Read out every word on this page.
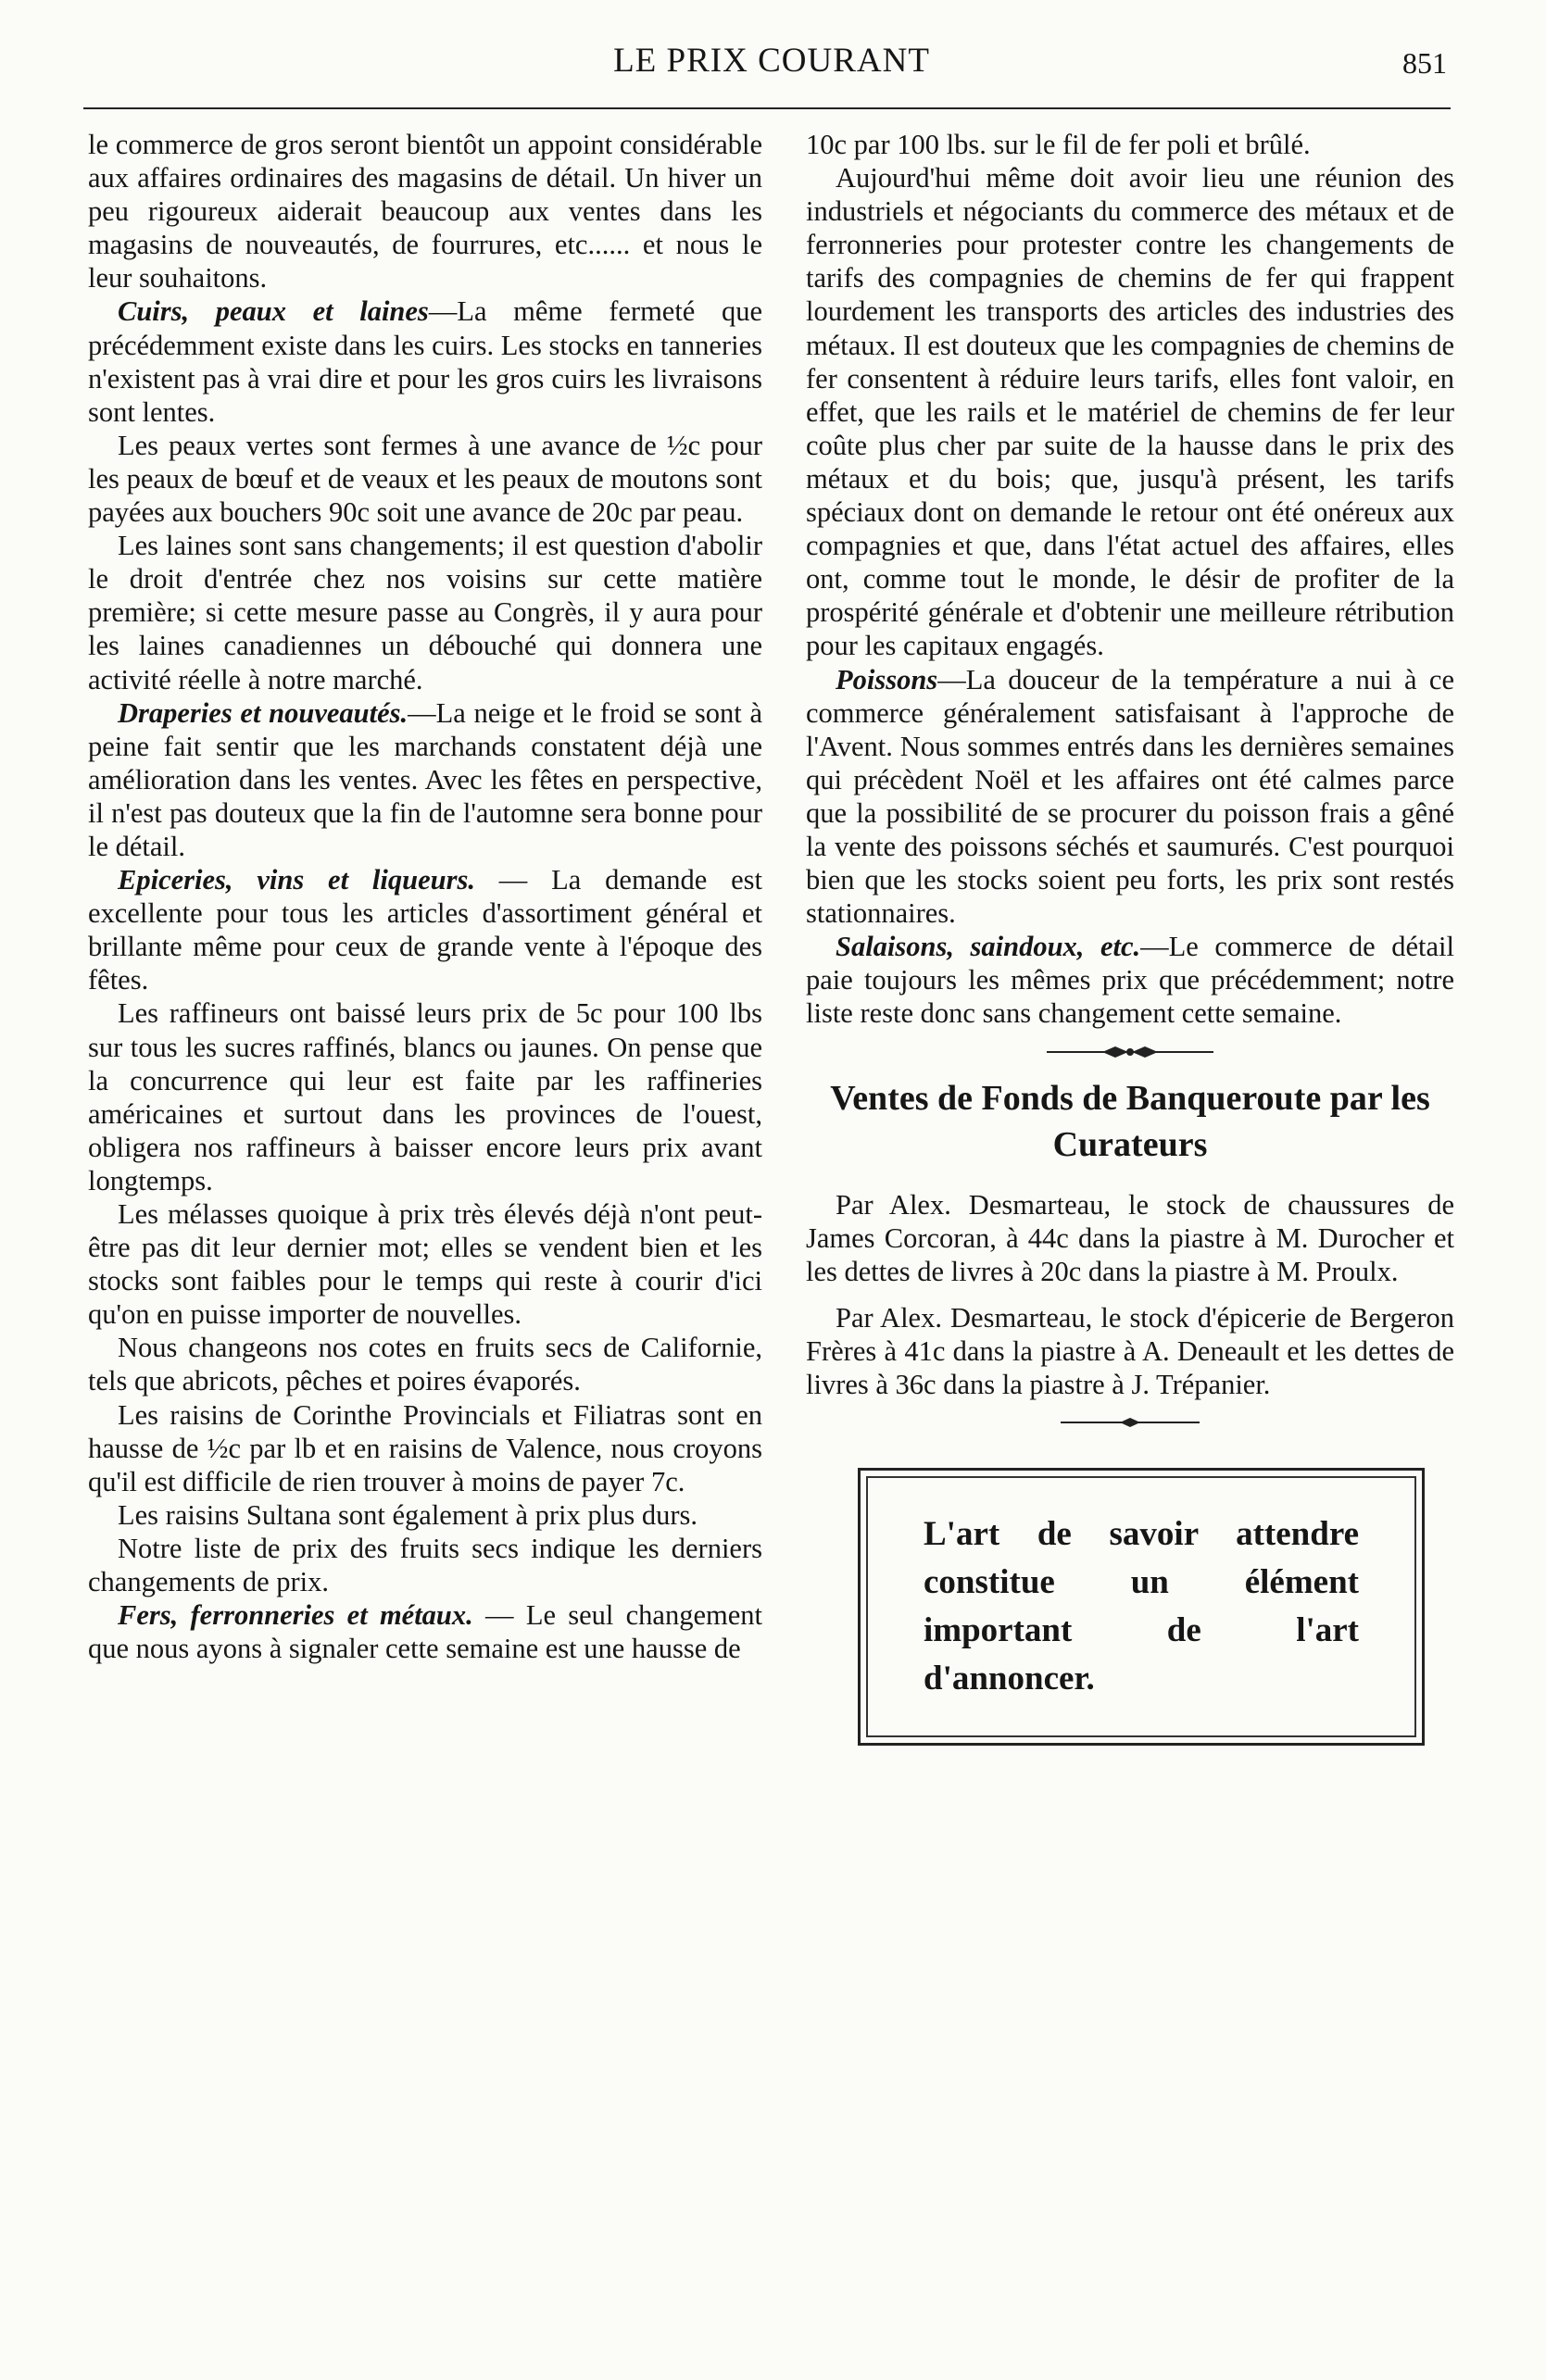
LE PRIX COURANT	851

le commerce de gros seront bientôt un appoint considérable aux affaires ordinaires des magasins de détail. Un hiver un peu rigoureux aiderait beaucoup aux ventes dans les magasins de nouveautés, de fourrures, etc...... et nous le leur souhaitons.

Cuirs, peaux et laines—La même fermeté que précédemment existe dans les cuirs. Les stocks en tanneries n'existent pas à vrai dire et pour les gros cuirs les livraisons sont lentes.

Les peaux vertes sont fermes à une avance de ½c pour les peaux de bœuf et de veaux et les peaux de moutons sont payées aux bouchers 90c soit une avance de 20c par peau.

Les laines sont sans changements; il est question d'abolir le droit d'entrée chez nos voisins sur cette matière première; si cette mesure passe au Congrès, il y aura pour les laines canadiennes un débouché qui donnera une activité réelle à notre marché.

Draperies et nouveautés.—La neige et le froid se sont à peine fait sentir que les marchands constatent déjà une amélioration dans les ventes. Avec les fêtes en perspective, il n'est pas douteux que la fin de l'automne sera bonne pour le détail.

Epiceries, vins et liqueurs. — La demande est excellente pour tous les articles d'assortiment général et brillante même pour ceux de grande vente à l'époque des fêtes.

Les raffineurs ont baissé leurs prix de 5c pour 100 lbs sur tous les sucres raffinés, blancs ou jaunes. On pense que la concurrence qui leur est faite par les raffineries américaines et surtout dans les provinces de l'ouest, obligera nos raffineurs à baisser encore leurs prix avant longtemps.

Les mélasses quoique à prix très élevés déjà n'ont peut-être pas dit leur dernier mot; elles se vendent bien et les stocks sont faibles pour le temps qui reste à courir d'ici qu'on en puisse importer de nouvelles.

Nous changeons nos cotes en fruits secs de Californie, tels que abricots, pêches et poires évaporés.

Les raisins de Corinthe Provincials et Filiatras sont en hausse de ½c par lb et en raisins de Valence, nous croyons qu'il est difficile de rien trouver à moins de payer 7c.

Les raisins Sultana sont également à prix plus durs.

Notre liste de prix des fruits secs indique les derniers changements de prix.

Fers, ferronneries et métaux. — Le seul changement que nous ayons à signaler cette semaine est une hausse de

10c par 100 lbs. sur le fil de fer poli et brûlé.

Aujourd'hui même doit avoir lieu une réunion des industriels et négociants du commerce des métaux et de ferronneries pour protester contre les changements de tarifs des compagnies de chemins de fer qui frappent lourdement les transports des articles des industries des métaux. Il est douteux que les compagnies de chemins de fer consentent à réduire leurs tarifs, elles font valoir, en effet, que les rails et le matériel de chemins de fer leur coûte plus cher par suite de la hausse dans le prix des métaux et du bois; que, jusqu'à présent, les tarifs spéciaux dont on demande le retour ont été onéreux aux compagnies et que, dans l'état actuel des affaires, elles ont, comme tout le monde, le désir de profiter de la prospérité générale et d'obtenir une meilleure rétribution pour les capitaux engagés.

Poissons—La douceur de la température a nui à ce commerce généralement satisfaisant à l'approche de l'Avent. Nous sommes entrés dans les dernières semaines qui précèdent Noël et les affaires ont été calmes parce que la possibilité de se procurer du poisson frais a gêné la vente des poissons séchés et saumurés. C'est pourquoi bien que les stocks soient peu forts, les prix sont restés stationnaires.

Salaisons, saindoux, etc.—Le commerce de détail paie toujours les mêmes prix que précédemment; notre liste reste donc sans changement cette semaine.

Ventes de Fonds de Banqueroute par les Curateurs

Par Alex. Desmarteau, le stock de chaussures de James Corcoran, à 44c dans la piastre à M. Durocher et les dettes de livres à 20c dans la piastre à M. Proulx.

Par Alex. Desmarteau, le stock d'épicerie de Bergeron Frères à 41c dans la piastre à A. Deneault et les dettes de livres à 36c dans la piastre à J. Trépanier.

L'art de savoir attendre constitue un élément important de l'art d'annoncer.
